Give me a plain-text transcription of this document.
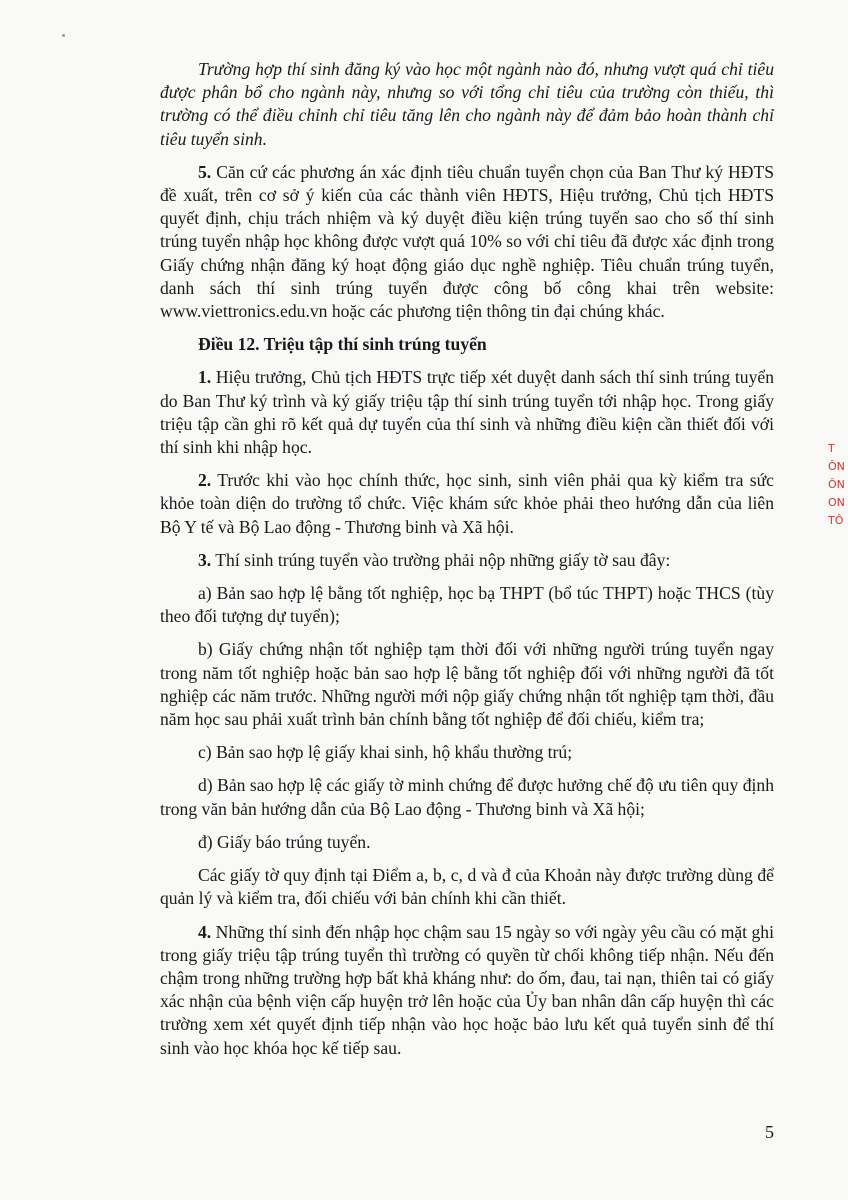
Trường hợp thí sinh đăng ký vào học một ngành nào đó, nhưng vượt quá chỉ tiêu được phân bổ cho ngành này, nhưng so với tổng chỉ tiêu của trường còn thiếu, thì trường có thể điều chỉnh chỉ tiêu tăng lên cho ngành này để đảm bảo hoàn thành chỉ tiêu tuyển sinh.

5. Căn cứ các phương án xác định tiêu chuẩn tuyển chọn của Ban Thư ký HĐTS đề xuất, trên cơ sở ý kiến của các thành viên HĐTS, Hiệu trưởng, Chủ tịch HĐTS quyết định, chịu trách nhiệm và ký duyệt điều kiện trúng tuyển sao cho số thí sinh trúng tuyển nhập học không được vượt quá 10% so với chỉ tiêu đã được xác định trong Giấy chứng nhận đăng ký hoạt động giáo dục nghề nghiệp. Tiêu chuẩn trúng tuyển, danh sách thí sinh trúng tuyển được công bố công khai trên website: www.viettronics.edu.vn hoặc các phương tiện thông tin đại chúng khác.

Điều 12. Triệu tập thí sinh trúng tuyển

1. Hiệu trưởng, Chủ tịch HĐTS trực tiếp xét duyệt danh sách thí sinh trúng tuyển do Ban Thư ký trình và ký giấy triệu tập thí sinh trúng tuyển tới nhập học. Trong giấy triệu tập cần ghi rõ kết quả dự tuyển của thí sinh và những điều kiện cần thiết đối với thí sinh khi nhập học.

2. Trước khi vào học chính thức, học sinh, sinh viên phải qua kỳ kiểm tra sức khỏe toàn diện do trường tổ chức. Việc khám sức khỏe phải theo hướng dẫn của liên Bộ Y tế và Bộ Lao động - Thương binh và Xã hội.

3. Thí sinh trúng tuyển vào trường phải nộp những giấy tờ sau đây:

a) Bản sao hợp lệ bằng tốt nghiệp, học bạ THPT (bổ túc THPT) hoặc THCS (tùy theo đối tượng dự tuyển);

b) Giấy chứng nhận tốt nghiệp tạm thời đối với những người trúng tuyển ngay trong năm tốt nghiệp hoặc bản sao hợp lệ bằng tốt nghiệp đối với những người đã tốt nghiệp các năm trước. Những người mới nộp giấy chứng nhận tốt nghiệp tạm thời, đầu năm học sau phải xuất trình bản chính bằng tốt nghiệp để đối chiếu, kiểm tra;

c) Bản sao hợp lệ giấy khai sinh, hộ khẩu thường trú;

d) Bản sao hợp lệ các giấy tờ minh chứng để được hưởng chế độ ưu tiên quy định trong văn bản hướng dẫn của Bộ Lao động - Thương binh và Xã hội;

đ) Giấy báo trúng tuyển.

Các giấy tờ quy định tại Điểm a, b, c, d và đ của Khoản này được trường dùng để quản lý và kiểm tra, đối chiếu với bản chính khi cần thiết.

4. Những thí sinh đến nhập học chậm sau 15 ngày so với ngày yêu cầu có mặt ghi trong giấy triệu tập trúng tuyển thì trường có quyền từ chối không tiếp nhận. Nếu đến chậm trong những trường hợp bất khả kháng như: do ốm, đau, tai nạn, thiên tai có giấy xác nhận của bệnh viện cấp huyện trở lên hoặc của Ủy ban nhân dân cấp huyện thì các trường xem xét quyết định tiếp nhận vào học hoặc bảo lưu kết quả tuyển sinh để thí sinh vào học khóa học kế tiếp sau.

5
T
ÔN
ÔN
ON
TÔ
